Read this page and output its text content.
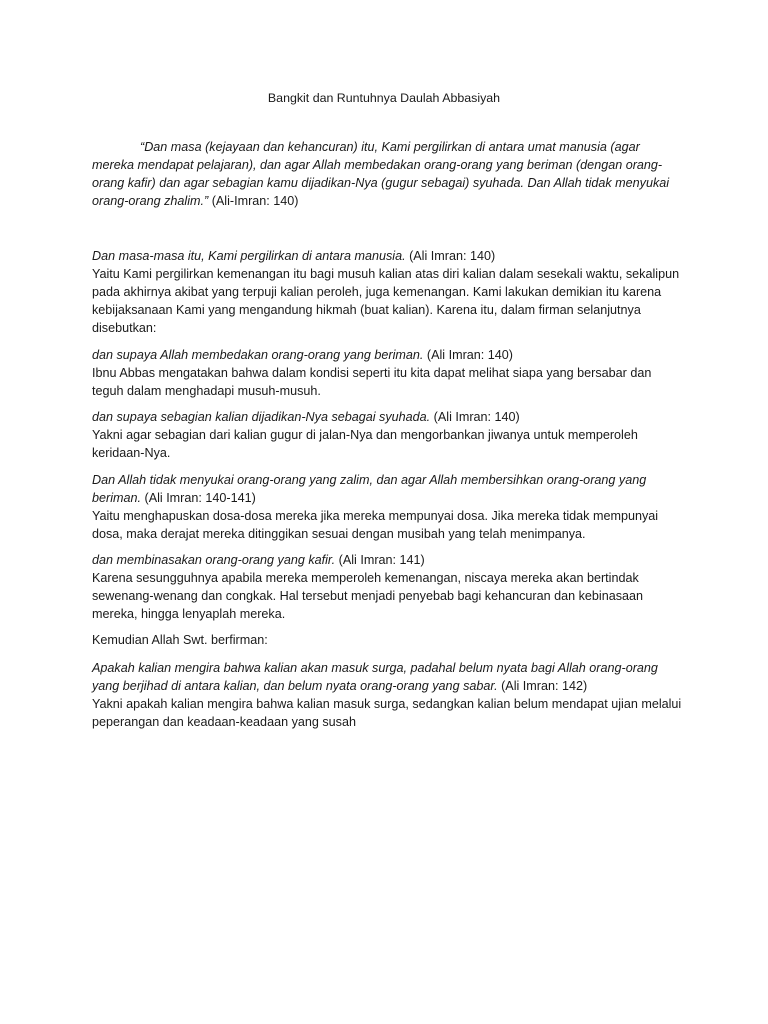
Bangkit dan Runtuhnya Daulah Abbasiyah

“Dan masa (kejayaan dan kehancuran) itu, Kami pergilirkan di antara umat manusia (agar mereka mendapat pelajaran), dan agar Allah membedakan orang-orang yang beriman (dengan orang-orang kafir) dan agar sebagian kamu dijadikan-Nya (gugur sebagai) syuhada. Dan Allah tidak menyukai orang-orang zhalim.” (Ali-Imran: 140)

Dan masa-masa itu, Kami pergilirkan di antara manusia. (Ali Imran: 140)

Yaitu Kami pergilirkan kemenangan itu bagi musuh kalian atas diri kalian dalam sesekali waktu, sekalipun pada akhirnya akibat yang terpuji kalian peroleh, juga kemenangan. Kami lakukan demikian itu karena kebijaksanaan Kami yang mengandung hikmah (buat kalian). Karena itu, dalam firman selanjutnya disebutkan:

dan supaya Allah membedakan orang-orang yang beriman. (Ali Imran: 140)

Ibnu Abbas mengatakan bahwa dalam kondisi seperti itu kita dapat melihat siapa yang bersabar dan teguh dalam menghadapi musuh-musuh.

dan supaya sebagian kalian dijadikan-Nya sebagai syuhada. (Ali Imran: 140)

Yakni agar sebagian dari kalian gugur di jalan-Nya dan mengorbankan jiwanya untuk memperoleh keridaan-Nya.

Dan Allah tidak menyukai orang-orang yang zalim, dan agar Allah membersihkan orang-orang yang beriman. (Ali Imran: 140-141)

Yaitu menghapuskan dosa-dosa mereka jika mereka mempunyai dosa. Jika mereka tidak mempunyai dosa, maka derajat mereka ditinggikan sesuai dengan musibah yang telah menimpanya.

dan membinasakan orang-orang yang kafir. (Ali Imran: 141)

Karena sesungguhnya apabila mereka memperoleh kemenangan, niscaya mereka akan bertindak sewenang-wenang dan congkak. Hal tersebut menjadi penyebab bagi kehancuran dan kebinasaan mereka, hingga lenyaplah mereka.

Kemudian Allah Swt. berfirman:

Apakah kalian mengira bahwa kalian akan masuk surga, padahal belum nyata bagi Allah orang-orang yang berjihad di antara kalian, dan belum nyata orang-orang yang sabar. (Ali Imran: 142)

Yakni apakah kalian mengira bahwa kalian masuk surga, sedangkan kalian belum mendapat ujian melalui peperangan dan keadaan-keadaan yang susah
